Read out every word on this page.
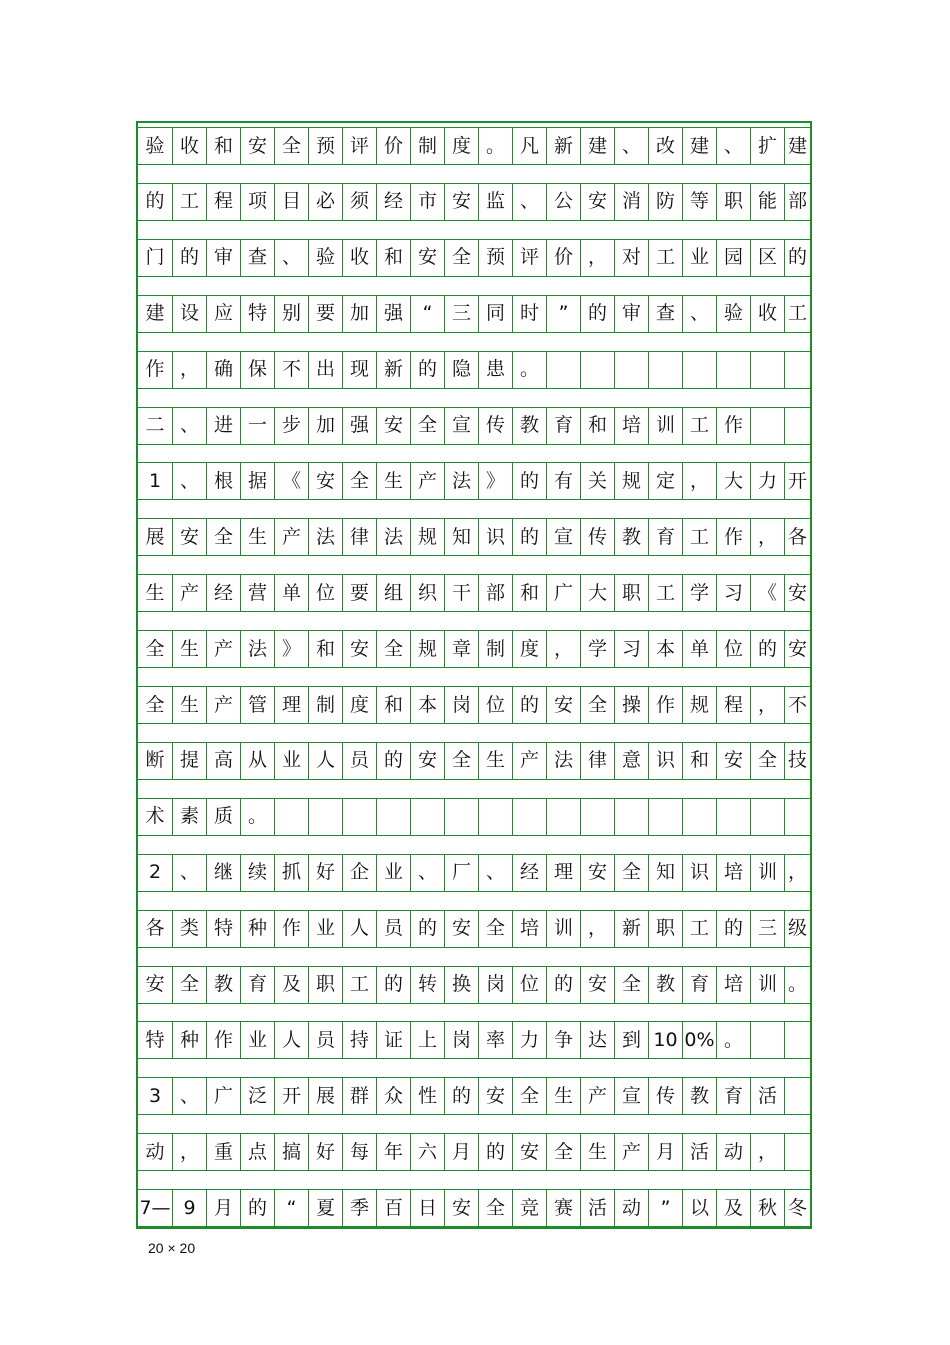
验 收 和 安 全 预 评 价 制 度 。 凡 新 建 、 改 建 、 扩 建
的 工 程 项 目 必 须 经 市 安 监 、 公 安 消 防 等 职 能 部
门 的 审 查 、 验 收 和 安 全 预 评 价 ， 对 工 业 园 区 的
建 设 应 特 别 要 加 强	“	三 同 时	”	的 审 查 、 验 收 工
作 ， 确 保 不 出 现 新 的 隐 患 。
二 、 进 一 步 加 强 安 全 宣 传 教 育 和 培 训 工 作
1 、 根 据 《 安 全 生 产 法 》 的 有 关 规 定 ， 大 力 开
展 安 全 生 产 法 律 法 规 知 识 的 宣 传 教 育 工 作 ， 各
生 产 经 营 单 位 要 组 织 干 部 和 广 大 职 工 学 习 《 安
全 生 产 法 》 和 安 全 规 章 制 度 ， 学 习 本 单 位 的 安
全 生 产 管 理 制 度 和 本 岗 位 的 安 全 操 作 规 程 ， 不
断 提 高 从 业 人 员 的 安 全 生 产 法 律 意 识 和 安 全 技
术 素 质 。
2 、 继 续 抓 好 企 业 、 厂 、 经 理 安 全 知 识 培 训 ，
各 类 特 种 作 业 人 员 的 安 全 培 训 ， 新 职 工 的 三 级
安 全 教 育 及 职 工 的 转 换 岗 位 的 安 全 教 育 培 训 。
特 种 作 业 人 员 持 证 上 岗 率 力 争 达 到 10 0% 。
3 、 广 泛 开 展 群 众 性 的 安 全 生 产 宣 传 教 育 活
动 ， 重 点 搞 好 每 年 六 月 的 安 全 生 产 月 活 动 ，
7— 9 月 的	“	夏 季 百 日 安 全 竞 赛 活 动	”	以 及 秋 冬
20 × 20
